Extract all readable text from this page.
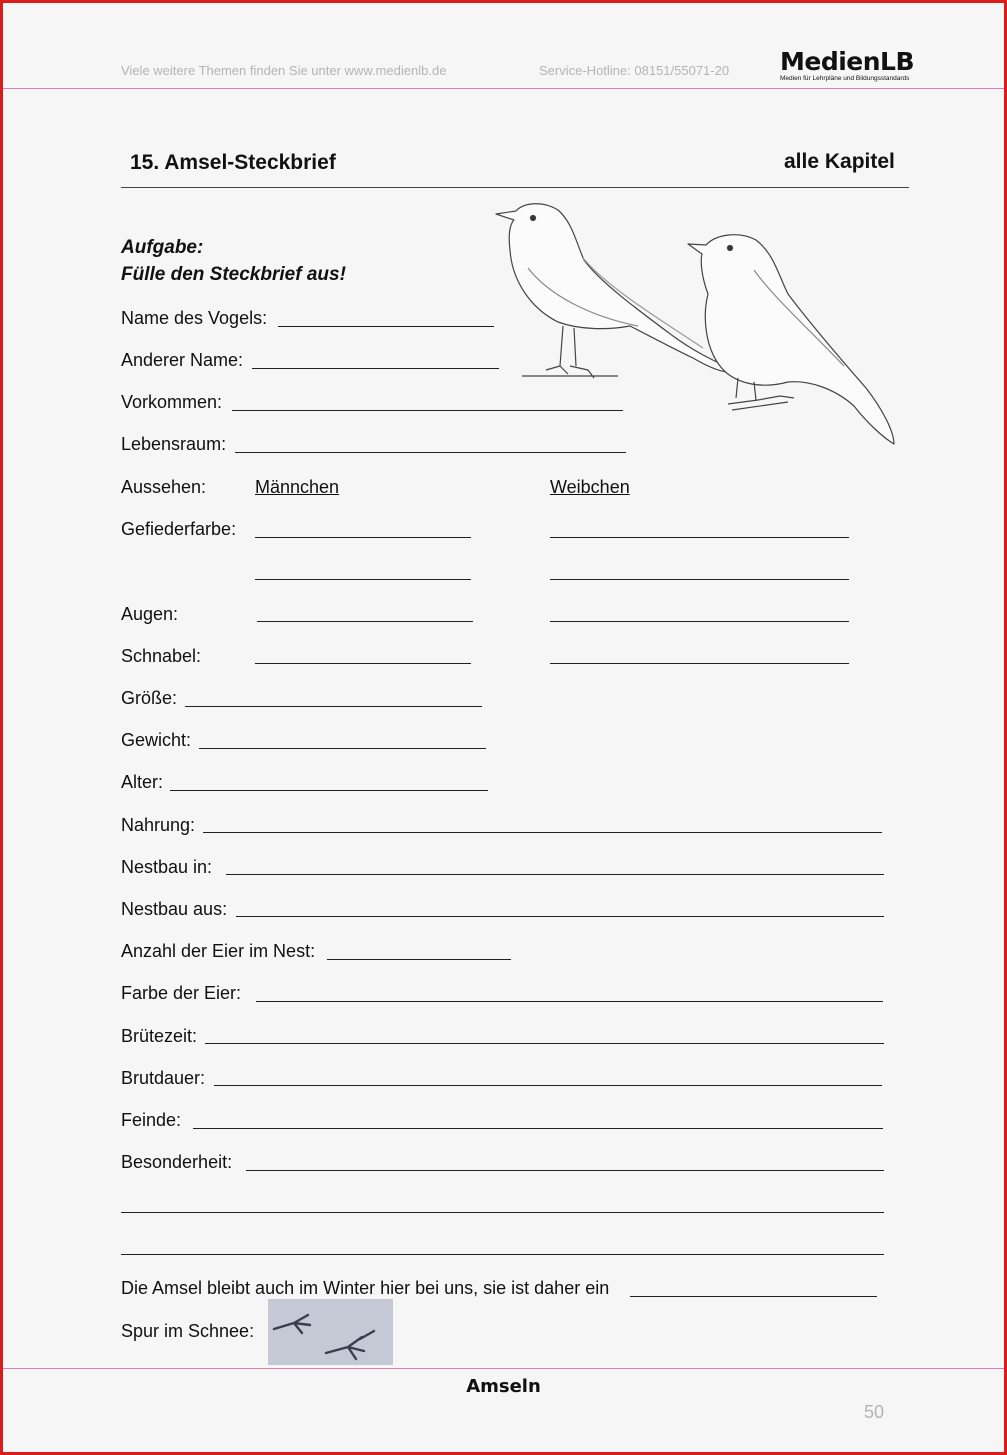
Viele weitere Themen finden Sie unter www.medienlb.de	Service-Hotline: 08151/55071-20 MedienLB
Medien für Lehrpläne und Bildungsstandards
15. Amsel-Steckbrief	alle Kapitel
Aufgabe:
Fülle den Steckbrief aus!
Name des Vogels:
Anderer Name:
Vorkommen:
Lebensraum:
Aussehen:	Männchen	Weibchen
Gefiederfarbe:
Augen:
Schnabel:
Größe:
Gewicht:
Alter:
Nahrung:
Nestbau in:
Nestbau aus:
Anzahl der Eier im Nest:
Farbe der Eier:
Brütezeit:
Brutdauer:
Feinde:
Besonderheit:
Die Amsel bleibt auch im Winter hier bei uns, sie ist daher ein
Spur im Schnee:
Amseln
50
